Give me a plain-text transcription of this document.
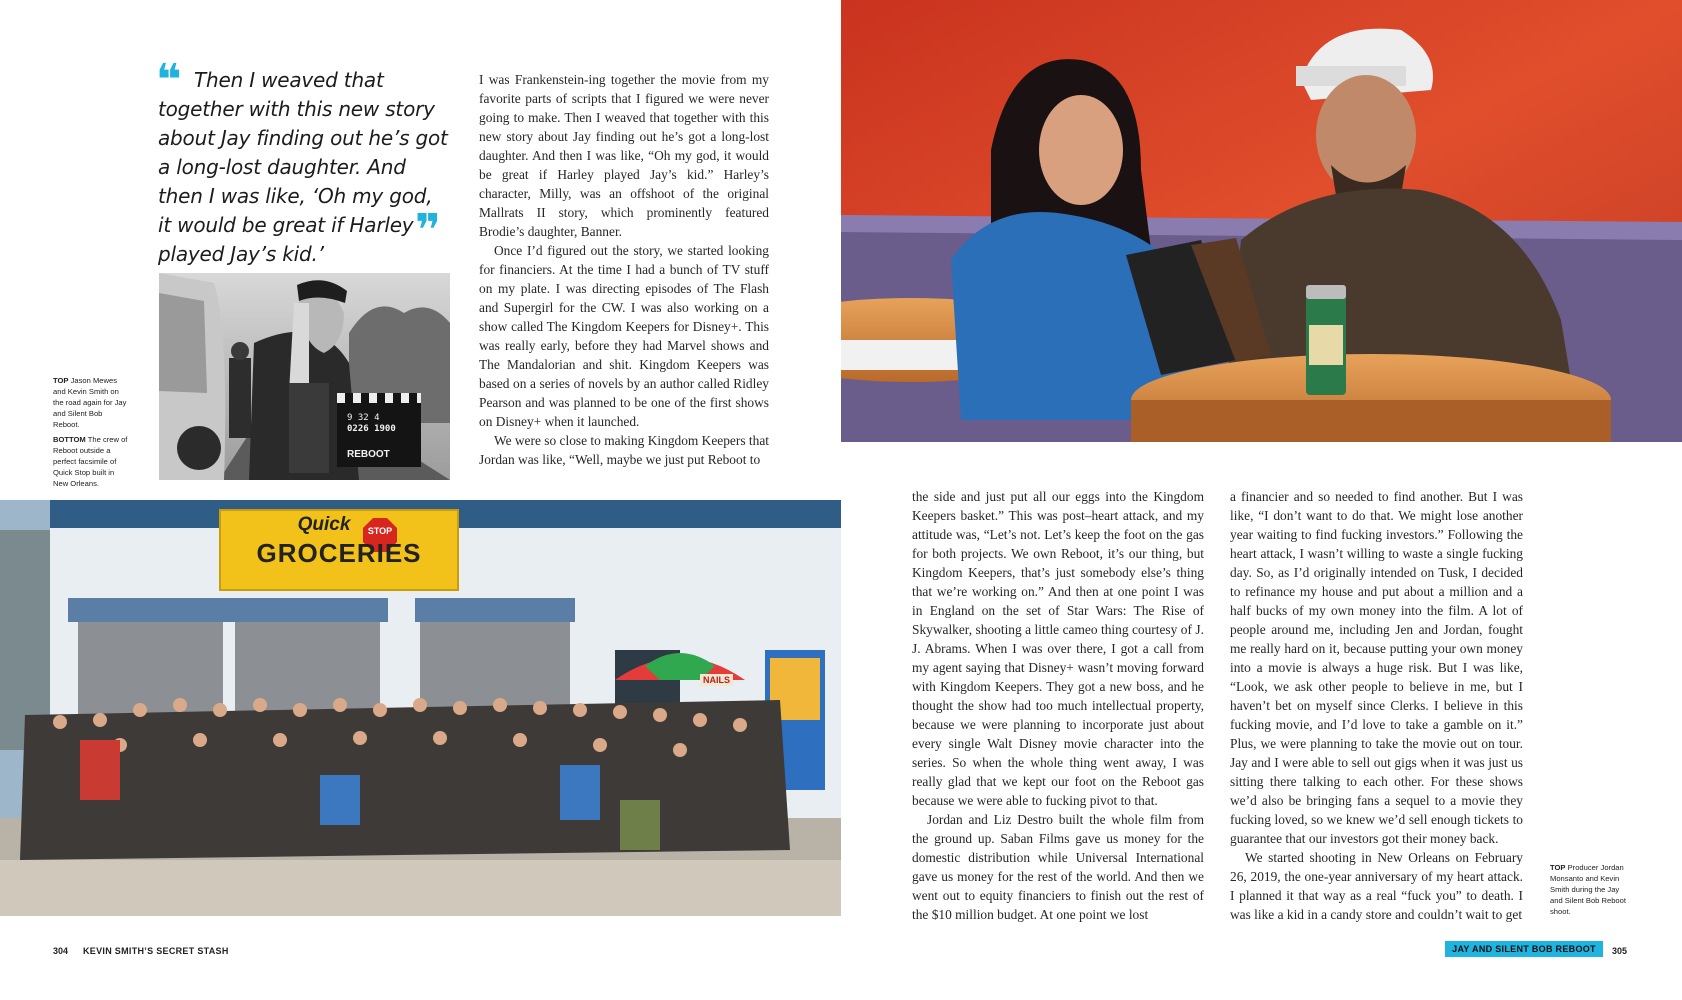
❝ Then I weaved that together with this new story about Jay finding out he’s got a long-lost daughter. And then I was like, ‘Oh my god, it would be great if Harley played Jay’s kid.’	❞
9 32 4
0226 1900
REBOOT
TOP Jason Mewes and Kevin Smith on the road again for Jay and Silent Bob Reboot.
BOTTOM The crew of Reboot outside a perfect facsimile of Quick Stop built in New Orleans.

I was Frankenstein-ing together the movie from my favorite parts of scripts that I figured we were never going to make. Then I weaved that together with this new story about Jay finding out he’s got a long-lost daughter. And then I was like, “Oh my god, it would be great if Harley played Jay’s kid.” Harley’s character, Milly, was an offshoot of the original Mallrats II story, which prominently featured Brodie’s daughter, Banner.

Once I’d figured out the story, we started looking for financiers. At the time I had a bunch of TV stuff on my plate. I was directing episodes of The Flash and Supergirl for the CW. I was also working on a show called The Kingdom Keepers for Disney+. This was really early, before they had Marvel shows and The Mandalorian and shit. Kingdom Keepers was based on a series of novels by an author called Ridley Pearson and was planned to be one of the first shows on Disney+ when it launched.

We were so close to making Kingdom Keepers that Jordan was like, “Well, maybe we just put Reboot to

Quick
GROCERIES
STOP
NAILS

the side and just put all our eggs into the Kingdom Keepers basket.” This was post–heart attack, and my attitude was, “Let’s not. Let’s keep the foot on the gas for both projects. We own Reboot, it’s our thing, but Kingdom Keepers, that’s just somebody else’s thing that we’re working on.” And then at one point I was in England on the set of Star Wars: The Rise of Skywalker, shooting a little cameo thing courtesy of J. J. Abrams. When I was over there, I got a call from my agent saying that Disney+ wasn’t moving forward with Kingdom Keepers. They got a new boss, and he thought the show had too much intellectual property, because we were planning to incorporate just about every single Walt Disney movie character into the series. So when the whole thing went away, I was really glad that we kept our foot on the Reboot gas because we were able to fucking pivot to that.

Jordan and Liz Destro built the whole film from the ground up. Saban Films gave us money for the domestic distribution while Universal International gave us money for the rest of the world. And then we went out to equity financiers to finish out the rest of the $10 million budget. At one point we lost

a financier and so needed to find another. But I was like, “I don’t want to do that. We might lose another year waiting to find fucking investors.” Following the heart attack, I wasn’t willing to waste a single fucking day. So, as I’d originally intended on Tusk, I decided to refinance my house and put about a million and a half bucks of my own money into the film. A lot of people around me, including Jen and Jordan, fought me really hard on it, because putting your own money into a movie is always a huge risk. But I was like, “Look, we ask other people to believe in me, but I haven’t bet on myself since Clerks. I believe in this fucking movie, and I’d love to take a gamble on it.” Plus, we were planning to take the movie out on tour. Jay and I were able to sell out gigs when it was just us sitting there talking to each other. For these shows we’d also be bringing fans a sequel to a movie they fucking loved, so we knew we’d sell enough tickets to guarantee that our investors got their money back.

We started shooting in New Orleans on February 26, 2019, the one-year anniversary of my heart attack. I planned it that way as a real “fuck you” to death. I was like a kid in a candy store and couldn’t wait to get

TOP Producer Jordan Monsanto and Kevin Smith during the Jay and Silent Bob Reboot shoot.
304 KEVIN SMITH’S SECRET STASH	JAY AND SILENT BOB REBOOT	305
